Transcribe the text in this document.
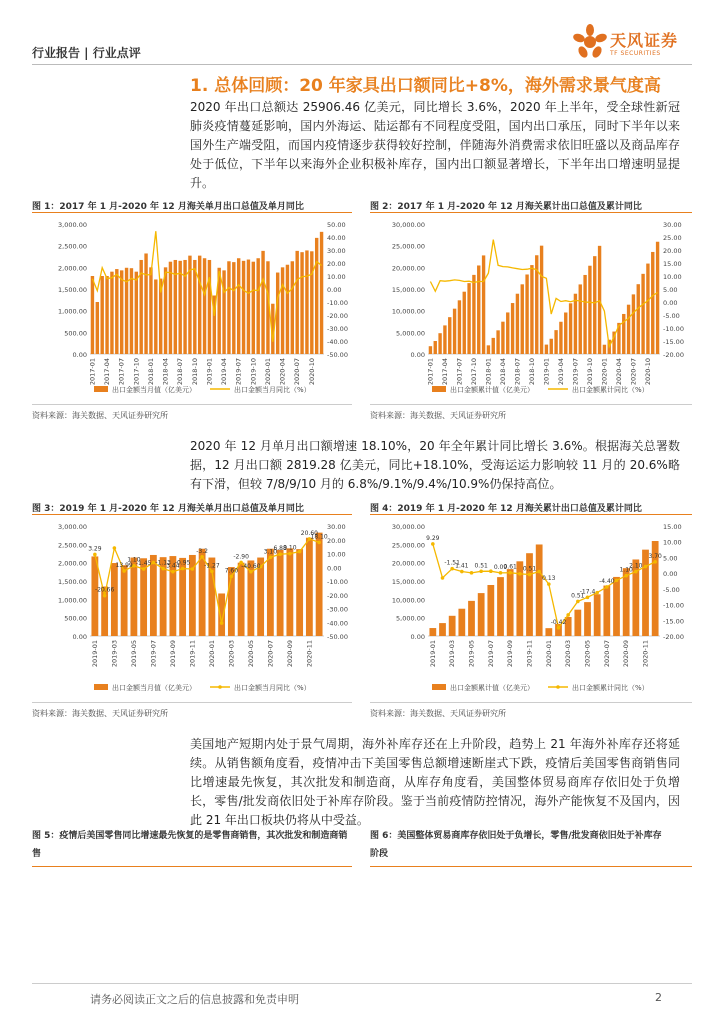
行业报告 | 行业点评
天风证券
TF SECURITIES
1. 总体回顾：20 年家具出口额同比+8%，海外需求景气度高
2020 年出口总额达 25906.46 亿美元，同比增长 3.6%，2020 年上半年，受全球性新冠肺炎疫情蔓延影响，国内外海运、陆运都有不同程度受阻，国内出口承压，同时下半年以来国外生产端受阻，而国内疫情逐步获得较好控制，伴随海外消费需求依旧旺盛以及商品库存处于低位，下半年以来海外企业积极补库存，国内出口额显著增长，下半年出口增速明显提升。
图 1：2017 年 1 月-2020 年 12 月海关单月出口总值及单月同比
3,000.00
2,500.00
2,000.00
1,500.00
1,000.00
500.00
0.00
50.00
40.00
30.00
20.00
10.00
0.00
-10.00
-20.00
-30.00
-40.00
-50.00
2017-01 2017-04 2017-07 2017-10 2018-01 2018-04 2018-07 2018-10 2019-01 2019-04 2019-07 2019-10 2020-01 2020-04 2020-07 2020-10
出口金额当月值（亿美元）	出口金额当月同比（%）
资料来源：海关数据、天风证券研究所
图 2：2017 年 1 月-2020 年 12 月海关累计出口总值及累计同比
30,000.00
25,000.00
20,000.00
15,000.00
10,000.00
5,000.00
0.00
30.00
25.00
20.00
15.00
10.00
5.00
0.00
-5.00
-10.00
-15.00
-20.00
2017-01 2017-04 2017-07 2017-10 2018-01 2018-04 2018-07 2018-10 2019-01 2019-04 2019-07 2019-10 2020-01 2020-04 2020-07 2020-10
出口金额累计值（亿美元）	出口金额累计同比（%）
资料来源：海关数据、天风证券研究所
2020 年 12 月单月出口额增速 18.10%，20 年全年累计同比增长 3.6%。根据海关总署数据，12 月出口额 2819.28 亿美元，同比+18.10%，受海运运力影响较 11 月的 20.6%略有下滑，但较 7/8/9/10 月的 6.8%/9.1%/9.4%/10.9%仍保持高位。
图 3：2019 年 1 月-2020 年 12 月海关单月出口总值及单月同比
3,000.00
2,500.00
2,000.00
1,500.00
1,000.00
500.00
0.00
30.00
20.00
10.00
0.00
-10.00
-20.00
-30.00
-40.00
-50.00
2019-01 2019-03 2019-05 2019-07 2019-09 2019-11 2020-01 2020-03 2020-05 2020-07 2020-09 2020-11
3.29
-20.66
13.99
1.10
-1.45 -1.13
3.44
-0.95
-3.2
-1.27
7.60
-2.90
-40.60
3.10
6.88
9.10
20.60
18.10
出口金额当月值（亿美元）	出口金额当月同比（%）
资料来源：海关数据、天风证券研究所
图 4：2019 年 1 月-2020 年 12 月海关累计出口总值及累计同比
30,000.00
25,000.00
20,000.00
15,000.00
10,000.00
5,000.00
0.00
15.00
10.00
5.00
0.00
-5.00
-10.00
-15.00
-20.00
2019-01 2019-03 2019-05 2019-07 2019-09 2019-11 2020-01 2020-03 2020-05 2020-07 2020-09 2020-11
9.29
-1.51
1.41 0.51 0.09
0.61 0.51
0.13
-0.42
0.51
-17.4
-4.40
1.10
2.10
3.70
出口金额累计值（亿美元）	出口金额累计同比（%）
资料来源：海关数据、天风证券研究所
美国地产短期内处于景气周期，海外补库存还在上升阶段，趋势上 21 年海外补库存还将延续。从销售额角度看，疫情冲击下美国零售总额增速断崖式下跌，疫情后美国零售商销售同比增速最先恢复，其次批发和制造商，从库存角度看，美国整体贸易商库存依旧处于负增长，零售/批发商依旧处于补库存阶段。鉴于当前疫情防控情况，海外产能恢复不及国内，因此 21 年出口板块仍将从中受益。
图 5：疫情后美国零售同比增速最先恢复的是零售商销售，其次批发和制造商销售
图 6：美国整体贸易商库存依旧处于负增长，零售/批发商依旧处于补库存阶段
请务必阅读正文之后的信息披露和免责申明	2
